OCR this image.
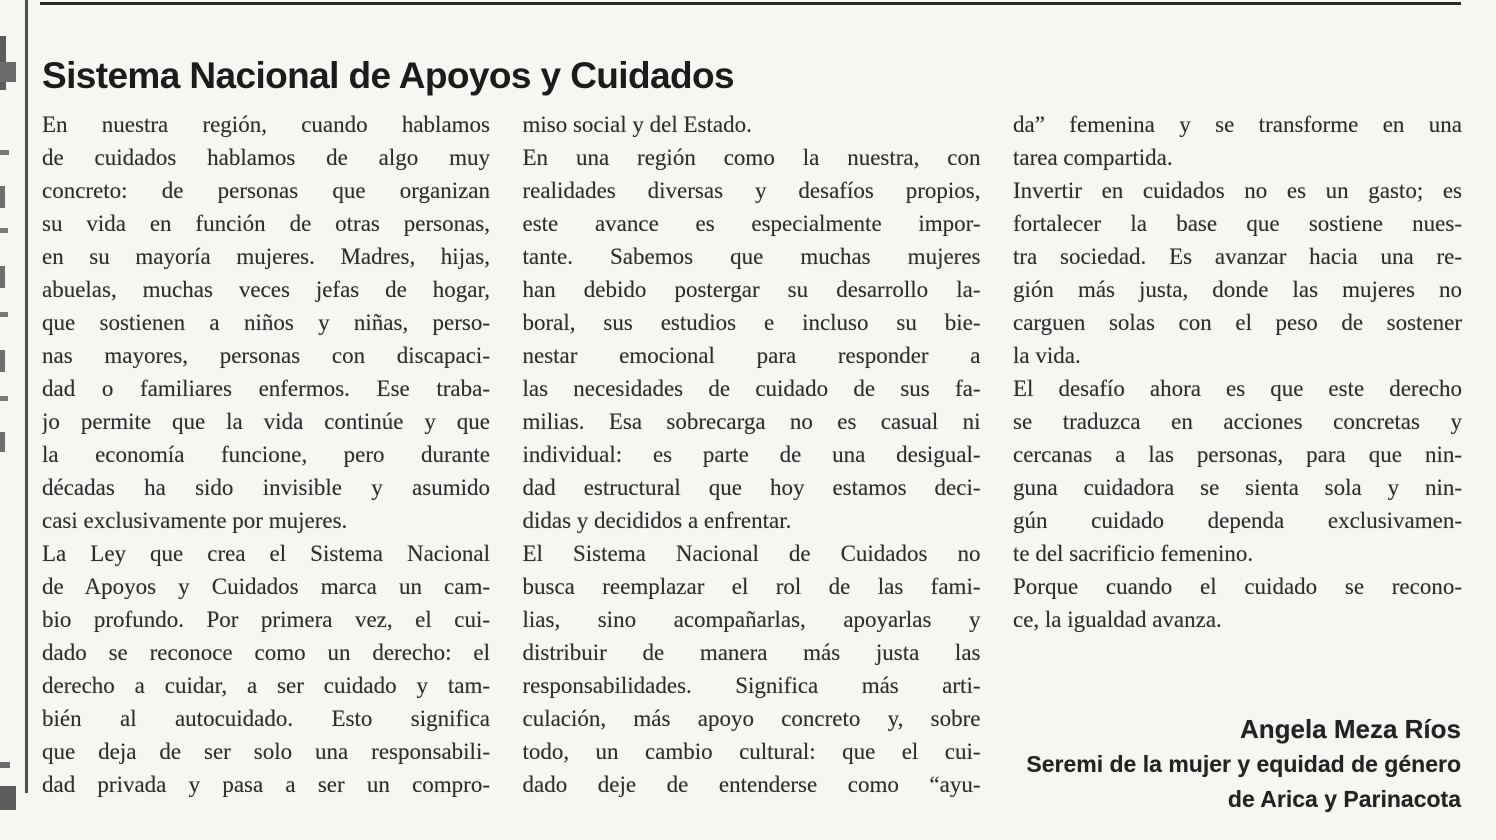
Sistema Nacional de Apoyos y Cuidados
En nuestra región, cuando hablamos
de cuidados hablamos de algo muy
concreto: de personas que organizan
su vida en función de otras personas,
en su mayoría mujeres. Madres, hijas,
abuelas, muchas veces jefas de hogar,
que sostienen a niños y niñas, perso-
nas mayores, personas con discapaci-
dad o familiares enfermos. Ese traba-
jo permite que la vida continúe y que
la economía funcione, pero durante
décadas ha sido invisible y asumido
casi exclusivamente por mujeres.
La Ley que crea el Sistema Nacional
de Apoyos y Cuidados marca un cam-
bio profundo. Por primera vez, el cui-
dado se reconoce como un derecho: el
derecho a cuidar, a ser cuidado y tam-
bién al autocuidado. Esto significa
que deja de ser solo una responsabili-
dad privada y pasa a ser un compro-
miso social y del Estado.
En una región como la nuestra, con
realidades diversas y desafíos propios,
este avance es especialmente impor-
tante. Sabemos que muchas mujeres
han debido postergar su desarrollo la-
boral, sus estudios e incluso su bie-
nestar emocional para responder a
las necesidades de cuidado de sus fa-
milias. Esa sobrecarga no es casual ni
individual: es parte de una desigual-
dad estructural que hoy estamos deci-
didas y decididos a enfrentar.
El Sistema Nacional de Cuidados no
busca reemplazar el rol de las fami-
lias, sino acompañarlas, apoyarlas y
distribuir de manera más justa las
responsabilidades. Significa más arti-
culación, más apoyo concreto y, sobre
todo, un cambio cultural: que el cui-
dado deje de entenderse como “ayu-
da” femenina y se transforme en una
tarea compartida.
Invertir en cuidados no es un gasto; es
fortalecer la base que sostiene nues-
tra sociedad. Es avanzar hacia una re-
gión más justa, donde las mujeres no
carguen solas con el peso de sostener
la vida.
El desafío ahora es que este derecho
se traduzca en acciones concretas y
cercanas a las personas, para que nin-
guna cuidadora se sienta sola y nin-
gún cuidado dependa exclusivamen-
te del sacrificio femenino.
Porque cuando el cuidado se recono-
ce, la igualdad avanza.
Angela Meza Ríos
Seremi de la mujer y equidad de género
de Arica y Parinacota
